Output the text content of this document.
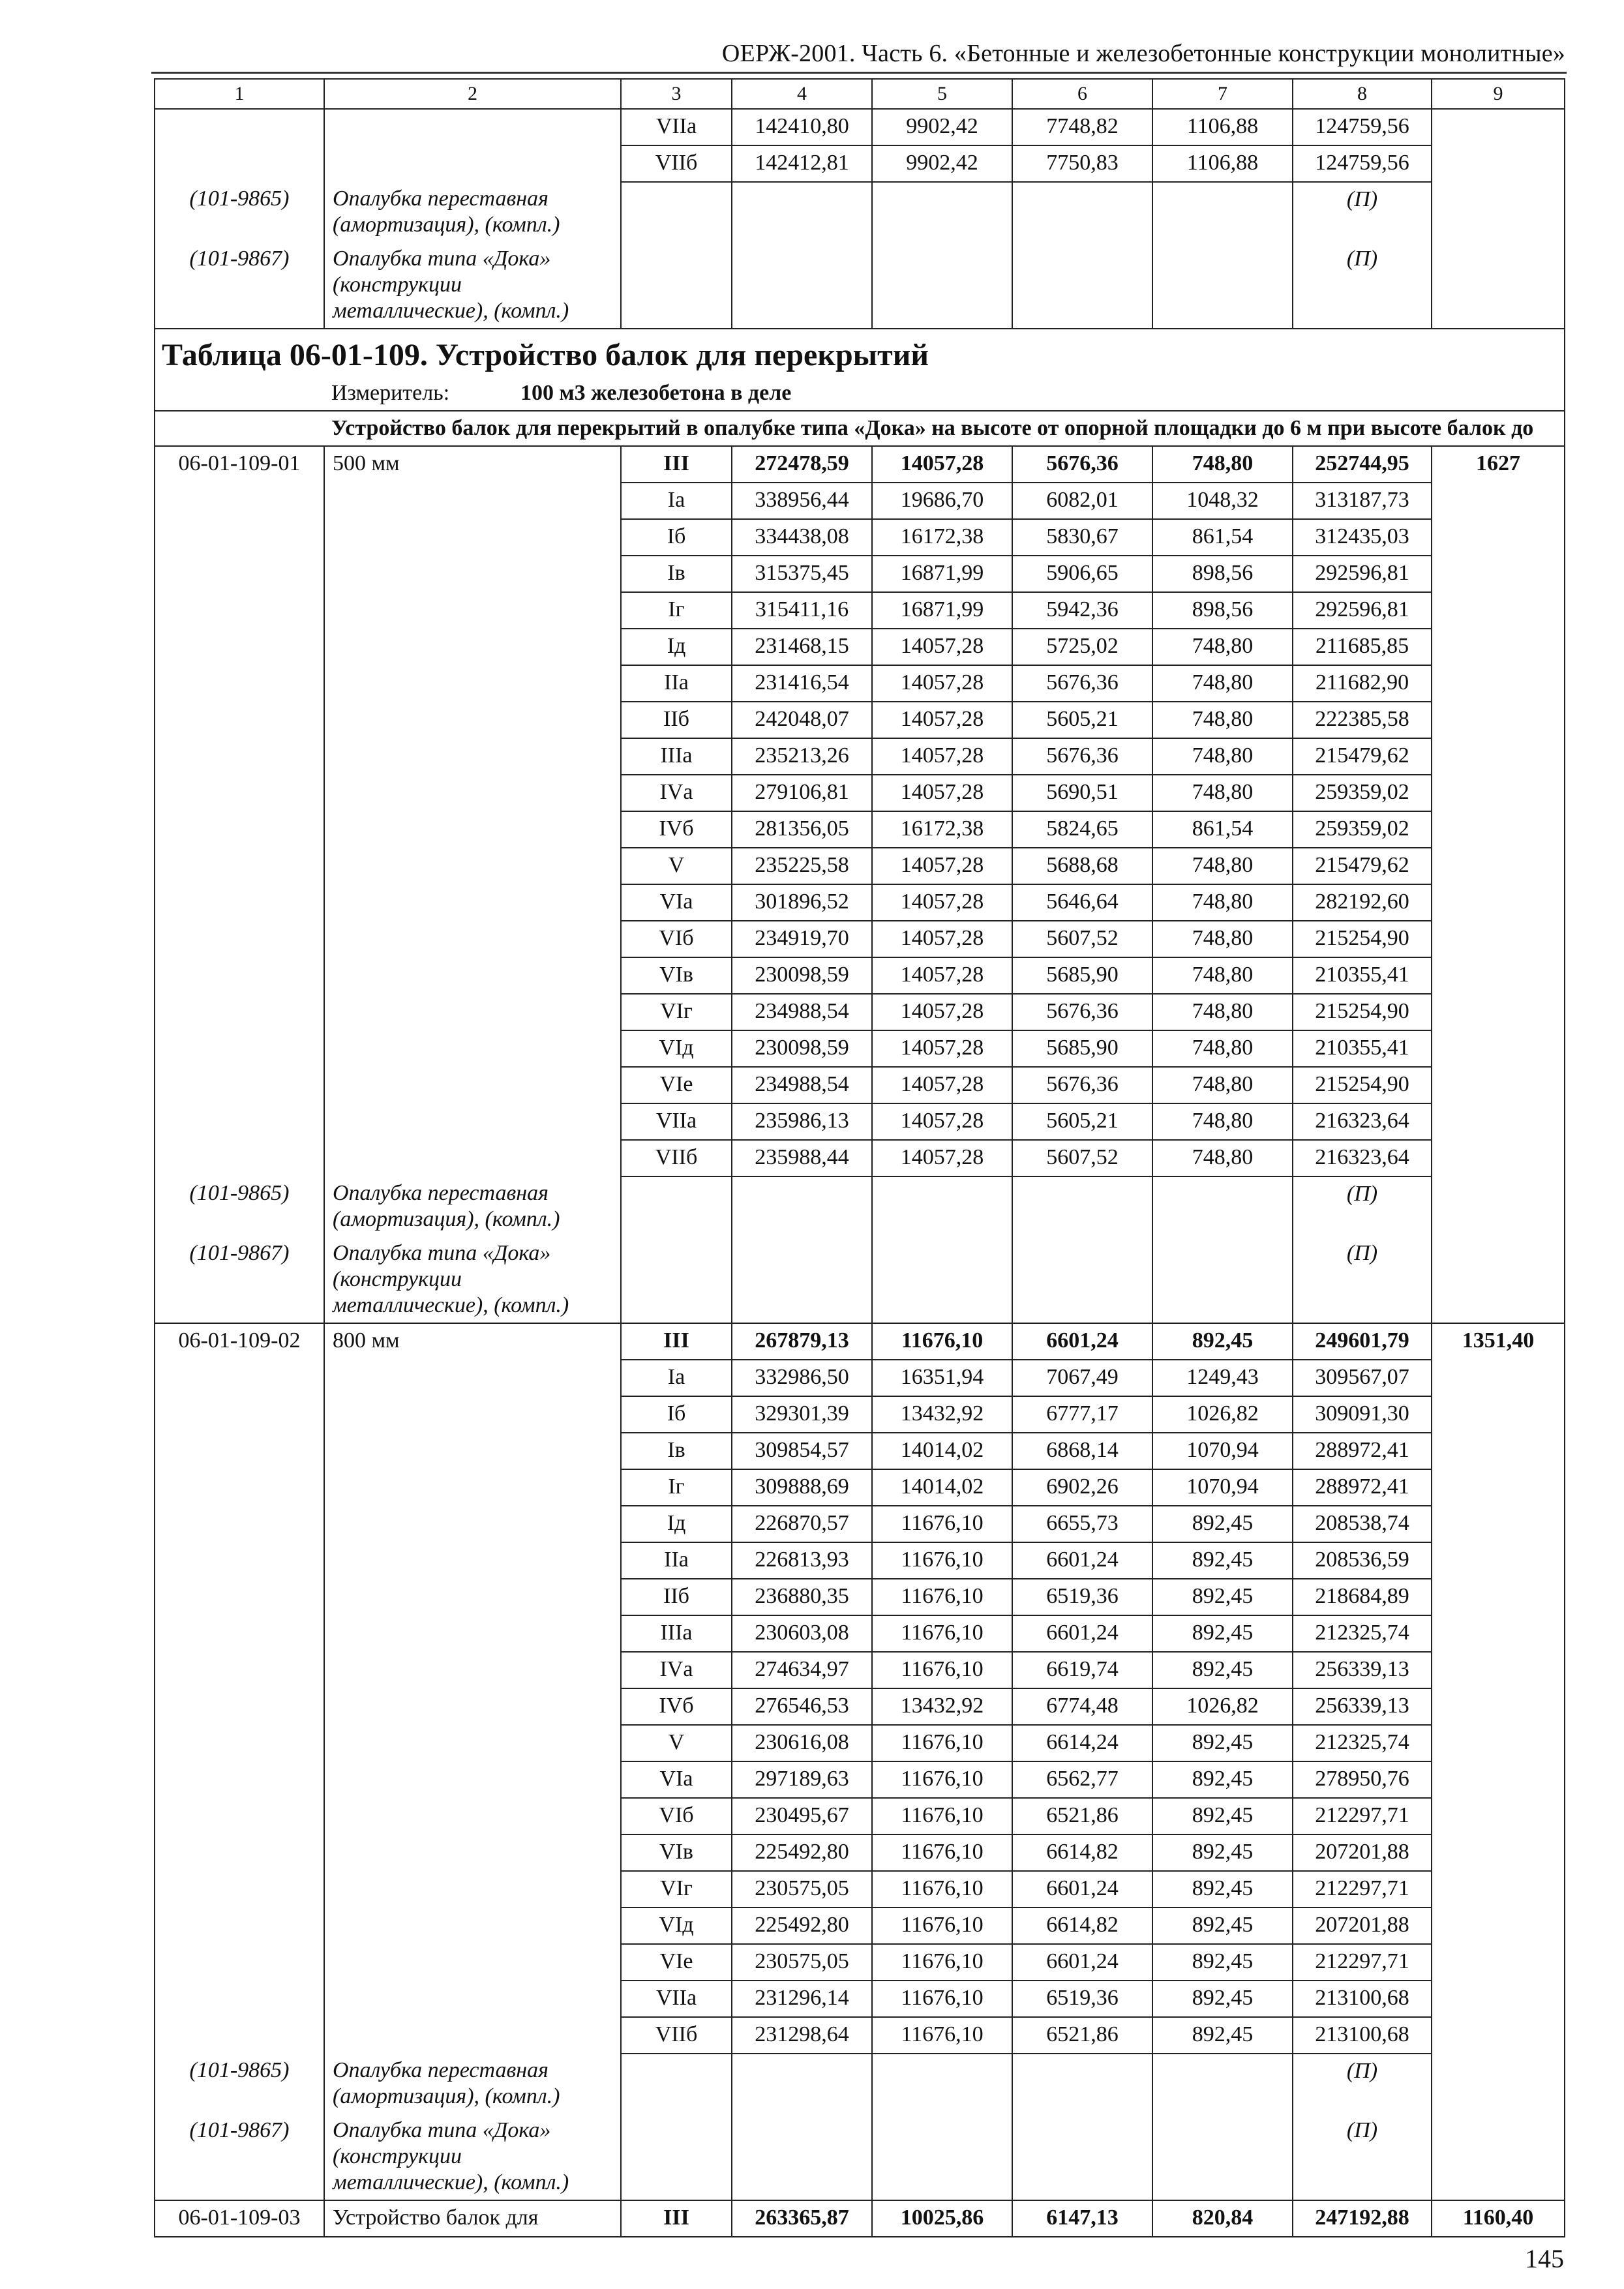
ОЕРЖ-2001. Часть 6. «Бетонные и железобетонные конструкции монолитные»
1	2	3	4	5	6	7	8	9
		VIIа	142410,80	9902,42	7748,82	1106,88	124759,56	
		VIIб	142412,81	9902,42	7750,83	1106,88	124759,56	
(101-9865)	Опалубка переставная (амортизация), (компл.)						(П)	
(101-9867)	Опалубка типа «Дока» (конструкции металлические), (компл.)						(П)	
Таблица 06-01-109. Устройство балок для перекрытий								
Измеритель: 100 м3 железобетона в деле								
Устройство балок для перекрытий в опалубке типа «Дока» на высоте от опорной площадки до 6 м при высоте балок до								
06-01-109-01	500 мм	III	272478,59	14057,28	5676,36	748,80	252744,95	1627
		Iа	338956,44	19686,70	6082,01	1048,32	313187,73	
		Iб	334438,08	16172,38	5830,67	861,54	312435,03	
		Iв	315375,45	16871,99	5906,65	898,56	292596,81	
		Iг	315411,16	16871,99	5942,36	898,56	292596,81	
		Iд	231468,15	14057,28	5725,02	748,80	211685,85	
		IIа	231416,54	14057,28	5676,36	748,80	211682,90	
		IIб	242048,07	14057,28	5605,21	748,80	222385,58	
		IIIа	235213,26	14057,28	5676,36	748,80	215479,62	
		IVа	279106,81	14057,28	5690,51	748,80	259359,02	
		IVб	281356,05	16172,38	5824,65	861,54	259359,02	
		V	235225,58	14057,28	5688,68	748,80	215479,62	
		VIа	301896,52	14057,28	5646,64	748,80	282192,60	
		VIб	234919,70	14057,28	5607,52	748,80	215254,90	
		VIв	230098,59	14057,28	5685,90	748,80	210355,41	
		VIг	234988,54	14057,28	5676,36	748,80	215254,90	
		VIд	230098,59	14057,28	5685,90	748,80	210355,41	
		VIе	234988,54	14057,28	5676,36	748,80	215254,90	
		VIIа	235986,13	14057,28	5605,21	748,80	216323,64	
		VIIб	235988,44	14057,28	5607,52	748,80	216323,64	
(101-9865)	Опалубка переставная (амортизация), (компл.)						(П)	
(101-9867)	Опалубка типа «Дока» (конструкции металлические), (компл.)						(П)	
06-01-109-02	800 мм	III	267879,13	11676,10	6601,24	892,45	249601,79	1351,40
		Iа	332986,50	16351,94	7067,49	1249,43	309567,07	
		Iб	329301,39	13432,92	6777,17	1026,82	309091,30	
		Iв	309854,57	14014,02	6868,14	1070,94	288972,41	
		Iг	309888,69	14014,02	6902,26	1070,94	288972,41	
		Iд	226870,57	11676,10	6655,73	892,45	208538,74	
		IIа	226813,93	11676,10	6601,24	892,45	208536,59	
		IIб	236880,35	11676,10	6519,36	892,45	218684,89	
		IIIа	230603,08	11676,10	6601,24	892,45	212325,74	
		IVа	274634,97	11676,10	6619,74	892,45	256339,13	
		IVб	276546,53	13432,92	6774,48	1026,82	256339,13	
		V	230616,08	11676,10	6614,24	892,45	212325,74	
		VIа	297189,63	11676,10	6562,77	892,45	278950,76	
		VIб	230495,67	11676,10	6521,86	892,45	212297,71	
		VIв	225492,80	11676,10	6614,82	892,45	207201,88	
		VIг	230575,05	11676,10	6601,24	892,45	212297,71	
		VIд	225492,80	11676,10	6614,82	892,45	207201,88	
		VIе	230575,05	11676,10	6601,24	892,45	212297,71	
		VIIа	231296,14	11676,10	6519,36	892,45	213100,68	
		VIIб	231298,64	11676,10	6521,86	892,45	213100,68	
(101-9865)	Опалубка переставная (амортизация), (компл.)						(П)	
(101-9867)	Опалубка типа «Дока» (конструкции металлические), (компл.)						(П)	
06-01-109-03	Устройство балок для	III	263365,87	10025,86	6147,13	820,84	247192,88	1160,40
145
